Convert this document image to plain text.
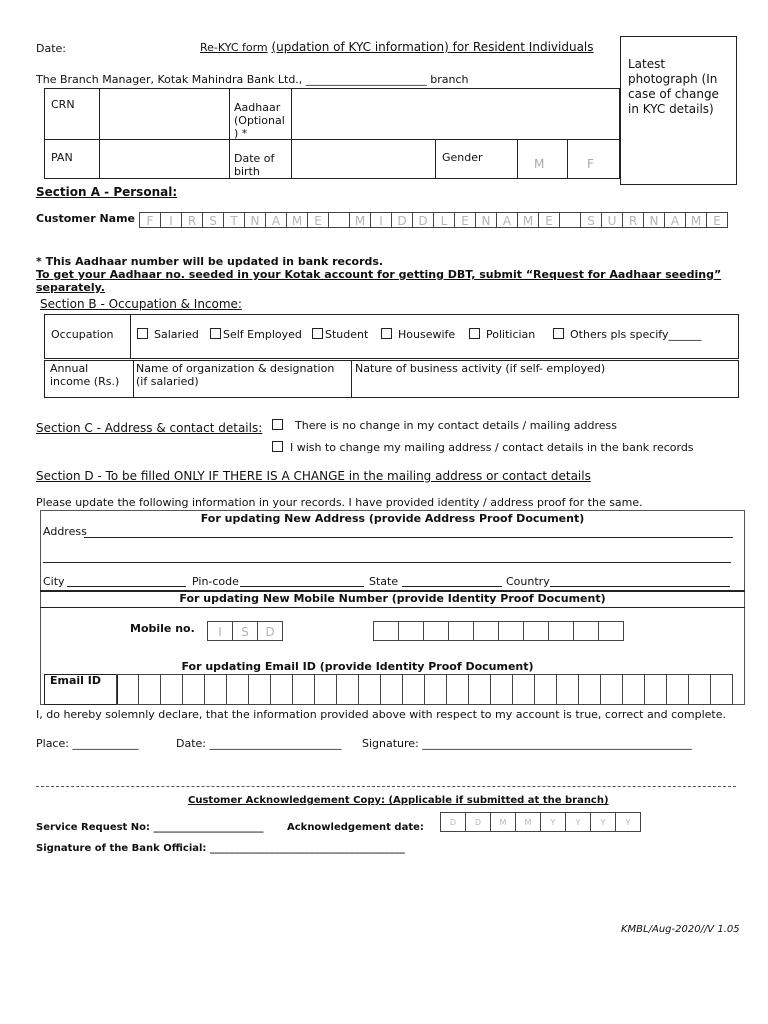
Date:	Re-KYC form (updation of KYC information) for Resident Individuals
The Branch Manager, Kotak Mahindra Bank Ltd., ______________________ branch
Latest photograph (In case of change in KYC details)
CRN	Aadhaar (Optional ) *
PAN	Date of birth
Gender	M	F
Section A - Personal:
Customer Name F	I	R	S	T	N	A M	E	M	I	D D	L	E	N	A M	E	S	U	R	N	A M	E
* This Aadhaar number will be updated in bank records.
To get your Aadhaar no. seeded in your Kotak account for getting DBT, submit “Request for Aadhaar seeding” separately.
Section B - Occupation & Income:
Occupation	Salaried	Self Employed	Student	Housewife	Politician	Others pls specify______
Annual income (Rs.)
Name of organization & designation (if salaried)
Nature of business activity (if self- employed)
Section C - Address & contact details:	There is no change in my contact details / mailing address
I wish to change my mailing address / contact details in the bank records
Section D - To be filled ONLY IF THERE IS A CHANGE in the mailing address or contact details
Please update the following information in your records. I have provided identity / address proof for the same.
For updating New Address (provide Address Proof Document)
Address
City	Pin-code	State	Country
For updating New Mobile Number (provide Identity Proof Document)
Mobile no.	I	S	D
For updating Email ID (provide Identity Proof Document)
Email ID
I, do hereby solemnly declare, that the information provided above with respect to my account is true, correct and complete.
Place: ____________	Date: ________________________ Signature: _________________________________________________
Customer Acknowledgement Copy: (Applicable if submitted at the branch)
Service Request No: ______________________ Acknowledgement date:	D	D	M	M	Y	Y	Y	Y
Signature of the Bank Official: _______________________________________
KMBL/Aug-2020//V 1.05
